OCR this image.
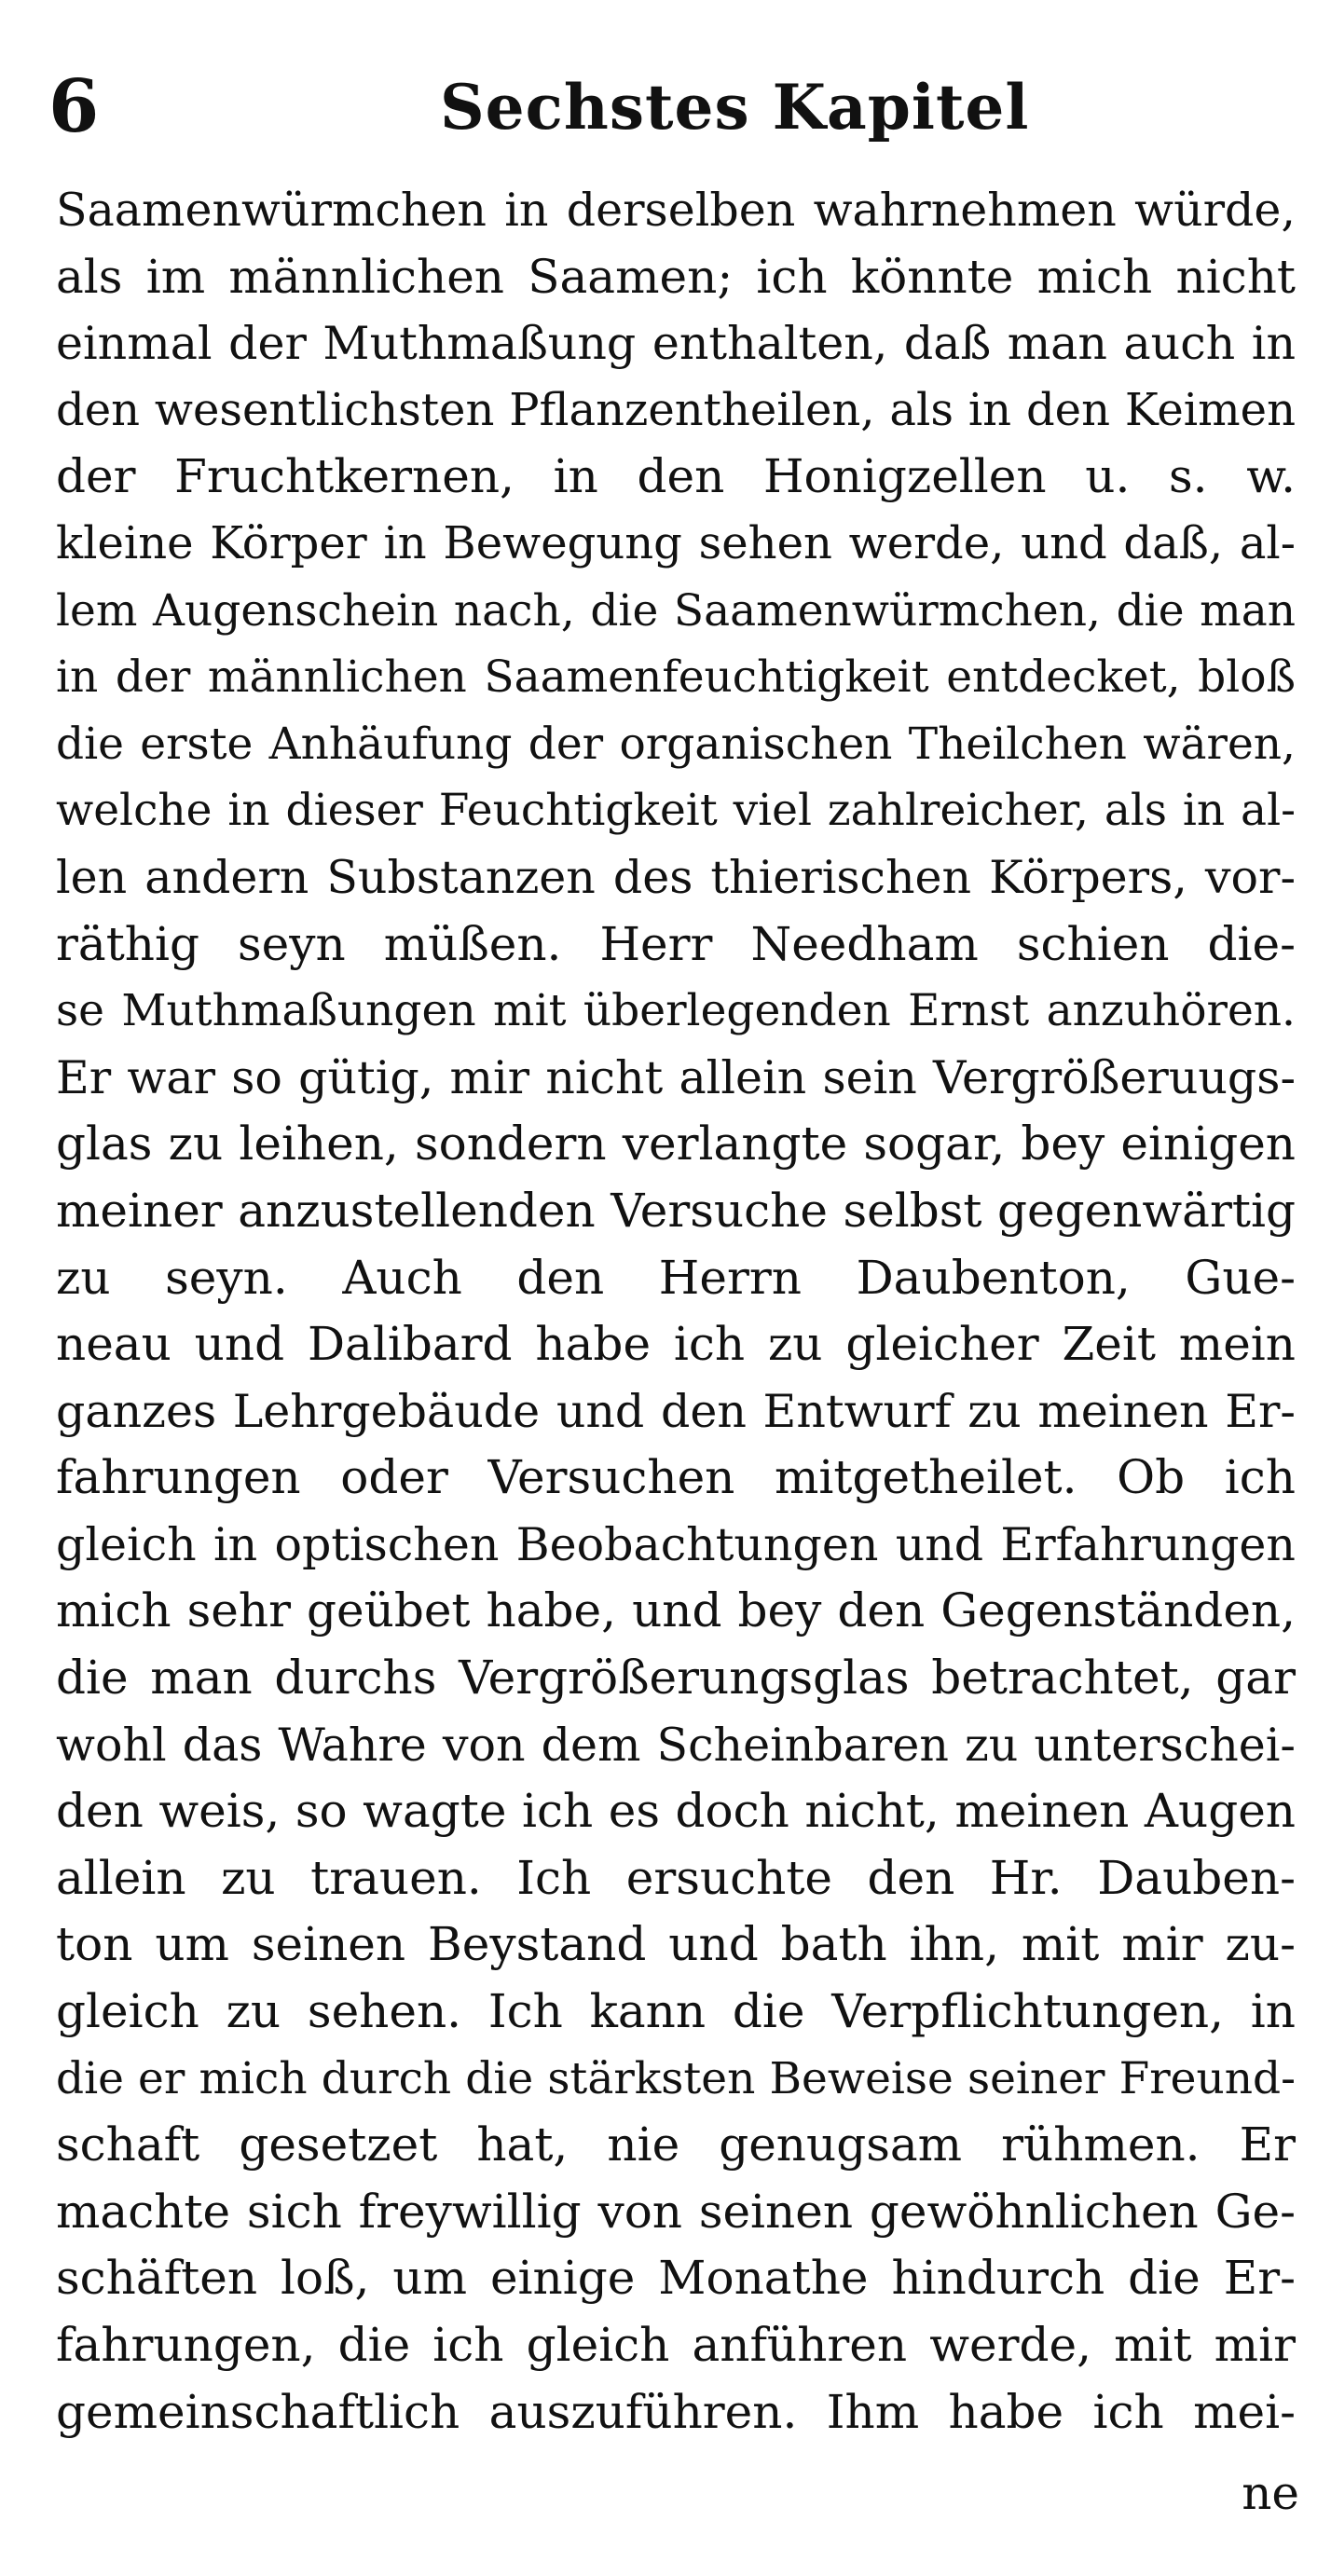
6	Sechstes Kapitel
Saamenwürmchen in derselben wahrnehmen würde,
als im männlichen Saamen; ich könnte mich nicht
einmal der Muthmaßung enthalten, daß man auch in
den wesentlichsten Pflanzentheilen, als in den Keimen
der Fruchtkernen, in den Honigzellen u. s. w.
kleine Körper in Bewegung sehen werde, und daß, al-
lem Augenschein nach, die Saamenwürmchen, die man
in der männlichen Saamenfeuchtigkeit entdecket, bloß
die erste Anhäufung der organischen Theilchen wären,
welche in dieser Feuchtigkeit viel zahlreicher, als in al-
len andern Substanzen des thierischen Körpers, vor-
räthig seyn müßen. Herr Needham schien die-
se Muthmaßungen mit überlegenden Ernst anzuhören.
Er war so gütig, mir nicht allein sein Vergrößeruugs-
glas zu leihen, sondern verlangte sogar, bey einigen
meiner anzustellenden Versuche selbst gegenwärtig
zu seyn. Auch den Herrn Daubenton, Gue-
neau und Dalibard habe ich zu gleicher Zeit mein
ganzes Lehrgebäude und den Entwurf zu meinen Er-
fahrungen oder Versuchen mitgetheilet. Ob ich
gleich in optischen Beobachtungen und Erfahrungen
mich sehr geübet habe, und bey den Gegenständen,
die man durchs Vergrößerungsglas betrachtet, gar
wohl das Wahre von dem Scheinbaren zu unterschei-
den weis, so wagte ich es doch nicht, meinen Augen
allein zu trauen. Ich ersuchte den Hr. Dauben-
ton um seinen Beystand und bath ihn, mit mir zu-
gleich zu sehen. Ich kann die Verpflichtungen, in
die er mich durch die stärksten Beweise seiner Freund-
schaft gesetzet hat, nie genugsam rühmen. Er
machte sich freywillig von seinen gewöhnlichen Ge-
schäften loß, um einige Monathe hindurch die Er-
fahrungen, die ich gleich anführen werde, mit mir
gemeinschaftlich auszuführen. Ihm habe ich mei-
ne
